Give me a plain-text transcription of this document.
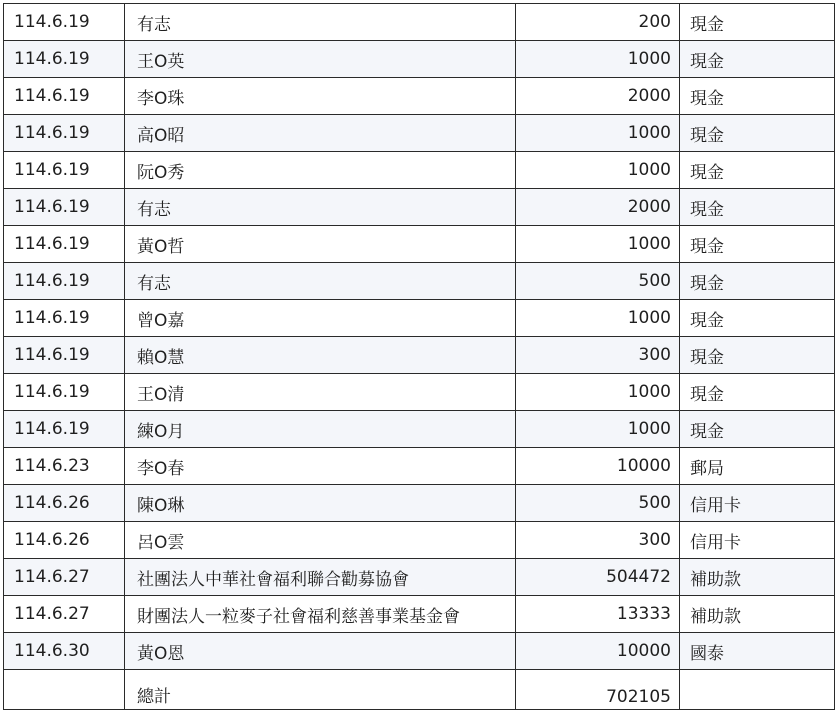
114.6.19	有志	200	現金
114.6.19	王O英	1000	現金
114.6.19	李O珠	2000	現金
114.6.19	高O昭	1000	現金
114.6.19	阮O秀	1000	現金
114.6.19	有志	2000	現金
114.6.19	黃O哲	1000	現金
114.6.19	有志	500	現金
114.6.19	曾O嘉	1000	現金
114.6.19	賴O慧	300	現金
114.6.19	王O清	1000	現金
114.6.19	練O月	1000	現金
114.6.23	李O春	10000	郵局
114.6.26	陳O琳	500	信用卡
114.6.26	呂O雲	300	信用卡
114.6.27	社團法人中華社會福利聯合勸募協會	504472	補助款
114.6.27	財團法人一粒麥子社會福利慈善事業基金會	13333	補助款
114.6.30	黃O恩	10000	國泰
	總計	702105	
